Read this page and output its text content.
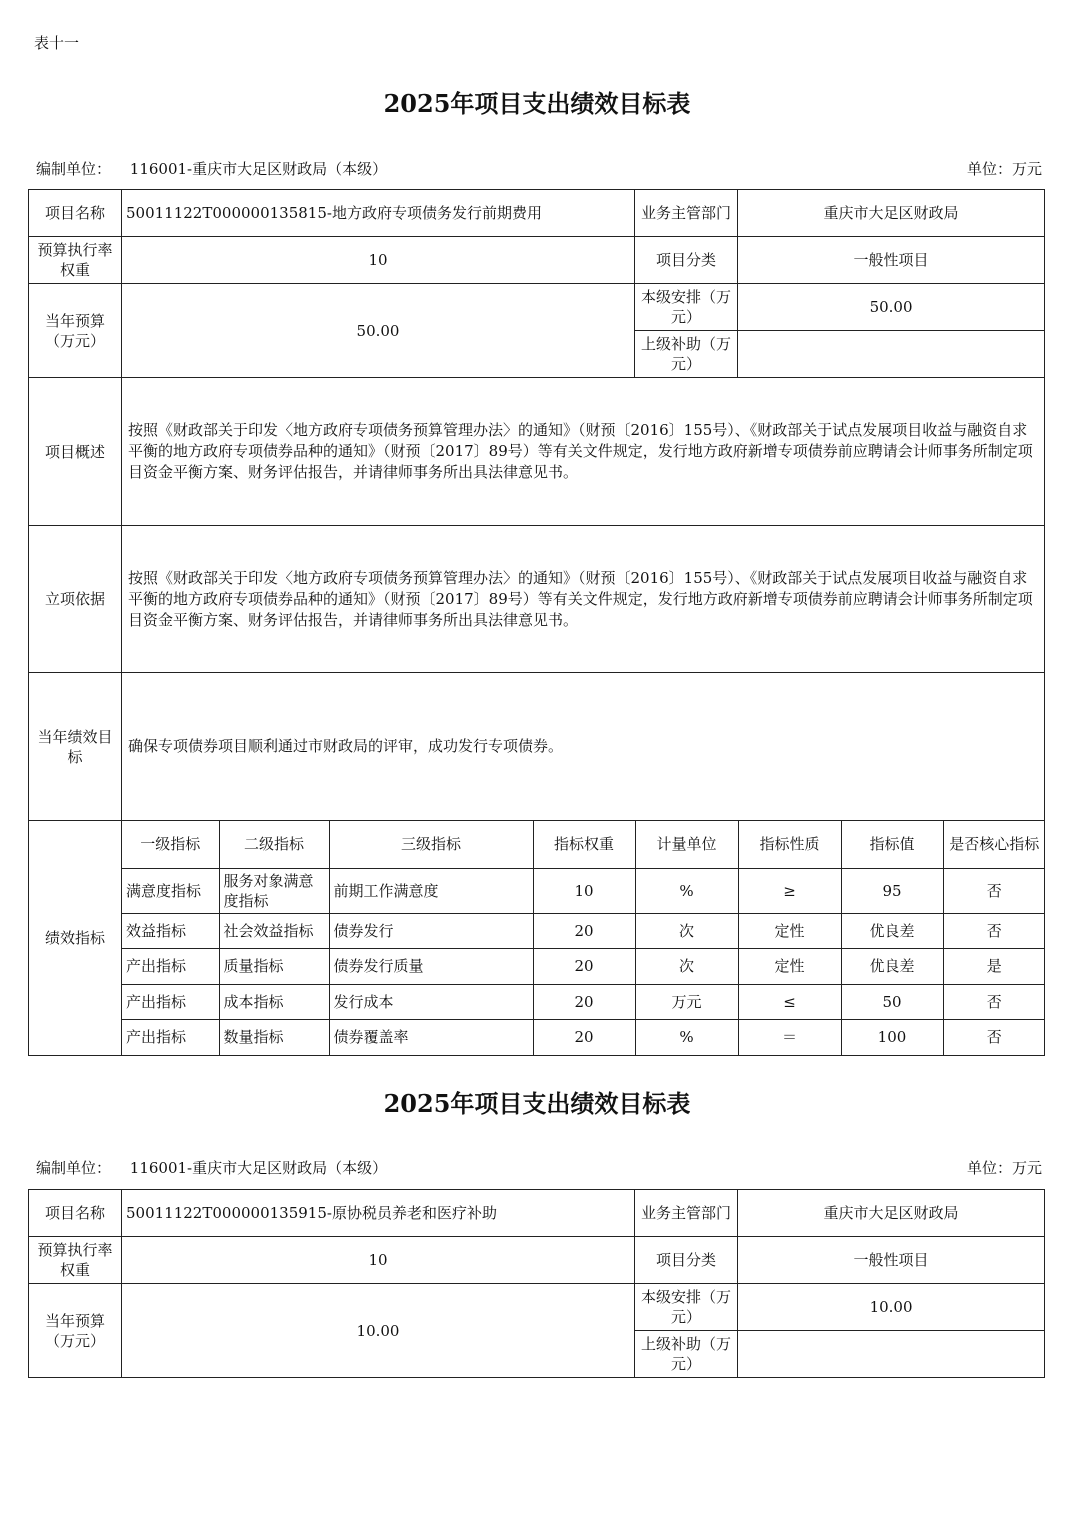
表十一
2025年项目支出绩效目标表
编制单位： 116001-重庆市大足区财政局（本级）	单位：万元
项目名称	50011122T000000135815-地方政府专项债务发行前期费用	业务主管部门	重庆市大足区财政局
预算执行率权重	10	项目分类	一般性项目
当年预算（万元）	50.00	本级安排（万元）	50.00
上级补助（万元）	
项目概述	按照《财政部关于印发〈地方政府专项债务预算管理办法〉的通知》（财预〔2016〕155号）、《财政部关于试点发展项目收益与融资自求平衡的地方政府专项债券品种的通知》（财预〔2017〕89号）等有关文件规定，发行地方政府新增专项债券前应聘请会计师事务所制定项目资金平衡方案、财务评估报告，并请律师事务所出具法律意见书。
立项依据	按照《财政部关于印发〈地方政府专项债务预算管理办法〉的通知》（财预〔2016〕155号）、《财政部关于试点发展项目收益与融资自求平衡的地方政府专项债券品种的通知》（财预〔2017〕89号）等有关文件规定，发行地方政府新增专项债券前应聘请会计师事务所制定项目资金平衡方案、财务评估报告，并请律师事务所出具法律意见书。
当年绩效目标	确保专项债券项目顺利通过市财政局的评审，成功发行专项债券。
绩效指标	
一级指标	二级指标	三级指标	指标权重	计量单位	指标性质	指标值	是否核心指标
满意度指标	服务对象满意度指标	前期工作满意度	10	%	≥	95	否
效益指标	社会效益指标	债券发行	20	次	定性	优良差	否
产出指标	质量指标	债券发行质量	20	次	定性	优良差	是
产出指标	成本指标	发行成本	20	万元	≤	50	否
产出指标	数量指标	债券覆盖率	20	%	＝	100	否
2025年项目支出绩效目标表
编制单位： 116001-重庆市大足区财政局（本级）	单位：万元
项目名称	50011122T000000135915-原协税员养老和医疗补助	业务主管部门	重庆市大足区财政局
预算执行率权重	10	项目分类	一般性项目
当年预算（万元）	10.00	本级安排（万元）	10.00
		上级补助（万元）	
